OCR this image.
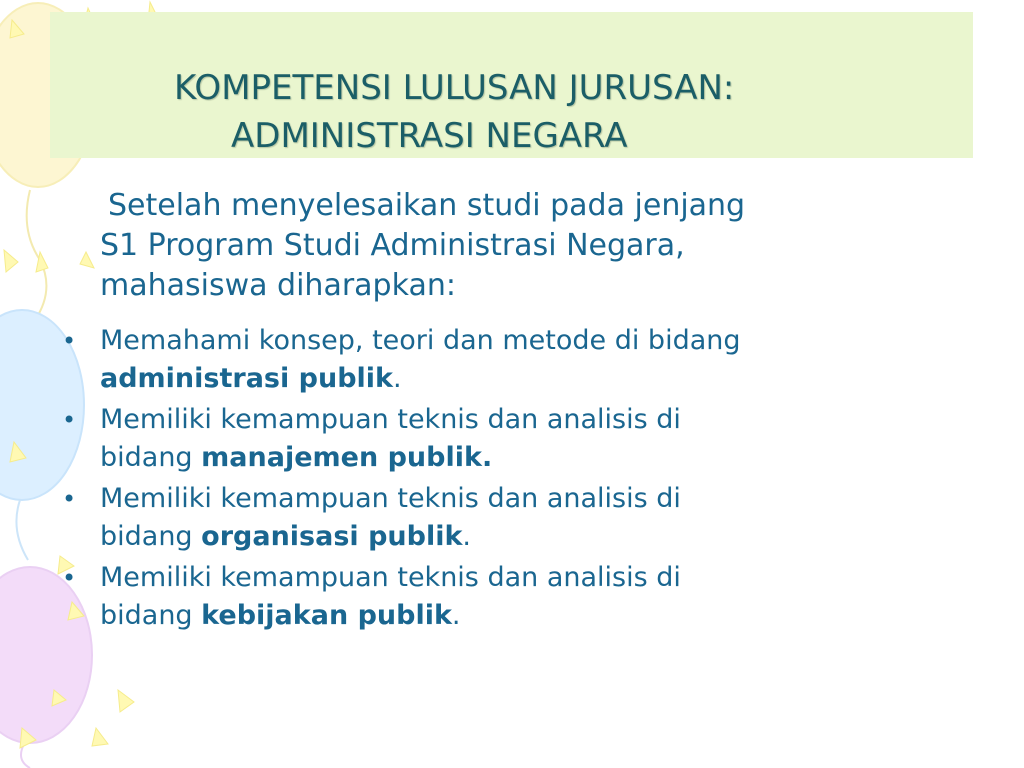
KOMPETENSI LULUSAN JURUSAN:
ADMINISTRASI NEGARA
Setelah menyelesaikan studi pada jenjang
S1 Program Studi Administrasi Negara,
mahasiswa diharapkan:
• Memahami konsep, teori dan metode di bidang
administrasi publik.
• Memiliki kemampuan teknis dan analisis di
bidang manajemen publik.
• Memiliki kemampuan teknis dan analisis di
bidang organisasi publik.
• Memiliki kemampuan teknis dan analisis di
bidang kebijakan publik.
